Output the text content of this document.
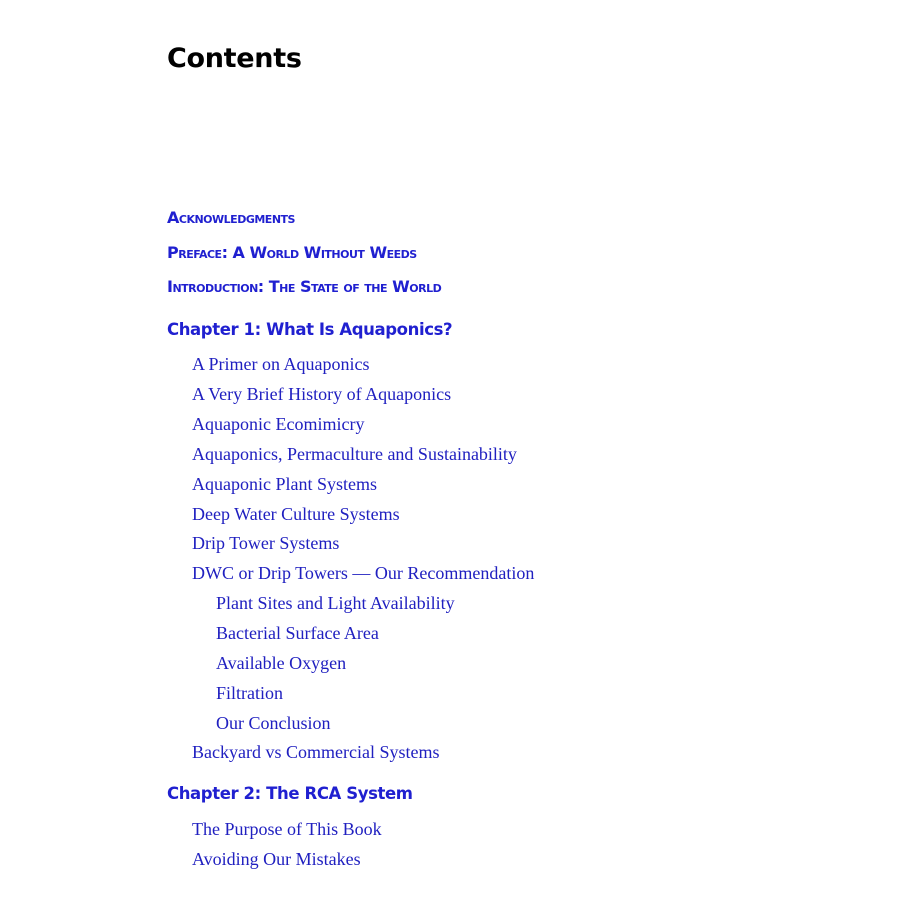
Contents
Acknowledgments
Preface: A World Without Weeds
Introduction: The State of the World
Chapter 1: What Is Aquaponics?
A Primer on Aquaponics
A Very Brief History of Aquaponics
Aquaponic Ecomimicry
Aquaponics, Permaculture and Sustainability
Aquaponic Plant Systems
Deep Water Culture Systems
Drip Tower Systems
DWC or Drip Towers — Our Recommendation
Plant Sites and Light Availability
Bacterial Surface Area
Available Oxygen
Filtration
Our Conclusion
Backyard vs Commercial Systems
Chapter 2: The RCA System
The Purpose of This Book
Avoiding Our Mistakes
